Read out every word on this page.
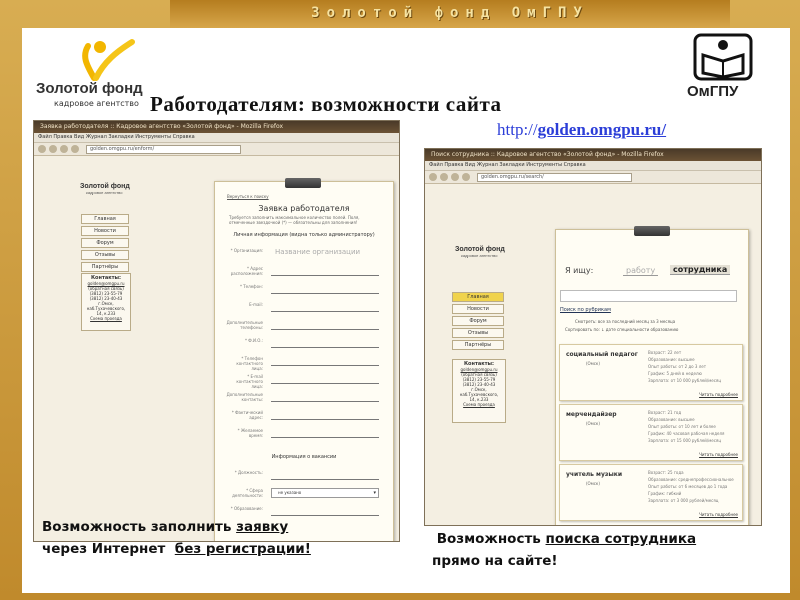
Золотой фонд ОмГПУ
Золотой фонд
кадровое агентство
ОмГПУ
Работодателям: возможности сайта
http://golden.omgpu.ru/
Заявка работодателя :: Кадровое агентство «Золотой фонд» - Mozilla Firefox
Файл Правка Вид Журнал Закладки Инструменты Справка
golden.omgpu.ru/enform/
Золотой фонд
кадровое агентство
Главная
Новости
Форум
Отзывы
Партнёры
Контакты:
golden@omgpu.ru
(обратная связь)
(3812) 23-55-79
(3812) 23-40-43
г.Омск,
наб.Тухачевского,
14, к.233
Схема проезда
Вернуться к поиску
Заявка работодателя
Требуется заполнить максимальное количество полей. Поля, отмеченные звездочкой (*) — обязательны для заполнения!
Личная информация (видна только администратору)
* Организация: Название организации
* Адрес расположения:
* Телефон:
E-mail:
Дополнительные телефоны:
* Ф.И.О.:
* Телефон контактного лица:
* E-mail контактного лица:
Дополнительные контакты:
* Фактический адрес:
* Желаемое время:
Информация о вакансии
* Должность:
* Сфера деятельности:
не указано	▾
* Образование:
Поиск сотрудника :: Кадровое агентство «Золотой фонд» - Mozilla Firefox
Файл Правка Вид Журнал Закладки Инструменты Справка
golden.omgpu.ru/search/
Золотой фонд
кадровое агентство
Главная
Новости
Форум
Отзывы
Партнёры
Контакты:
golden@omgpu.ru
(обратная связь)
(3812) 23-55-79
(3812) 23-40-43
г.Омск,
наб.Тухачевского,
14, к.233
Схема проезда
Я ищу:	работу	сотрудника
Поиск по рубрикам
Смотреть: все за последний месяц за 3 месяца
Сортировать по: ↓ дате специальности образованию
социальный педагог
(Омск)
Возраст: 22 лет
Образование: высшее
Опыт работы: от 2 до 3 лет
График: 5 дней в неделю
Зарплата: от 10 000 рублей/месяц
Читать подробнее
мерчендайзер
(Омск)
Возраст: 21 год
Образование: высшее
Опыт работы: от 10 лет и более
График: 40 часовая рабочая неделя
Зарплата: от 15 000 рублей/месяц
Читать подробнее
учитель музыки
(Омск)
Возраст: 25 года
Образование: среднепрофессиональное
Опыт работы: от 6 месяцев до 1 года
График: гибкий
Зарплата: от 3 000 рублей/месяц
Читать подробнее
Возможность заполнить заявку
через Интернет  без регистрации!
Возможность поиска сотрудника
прямо на сайте!
